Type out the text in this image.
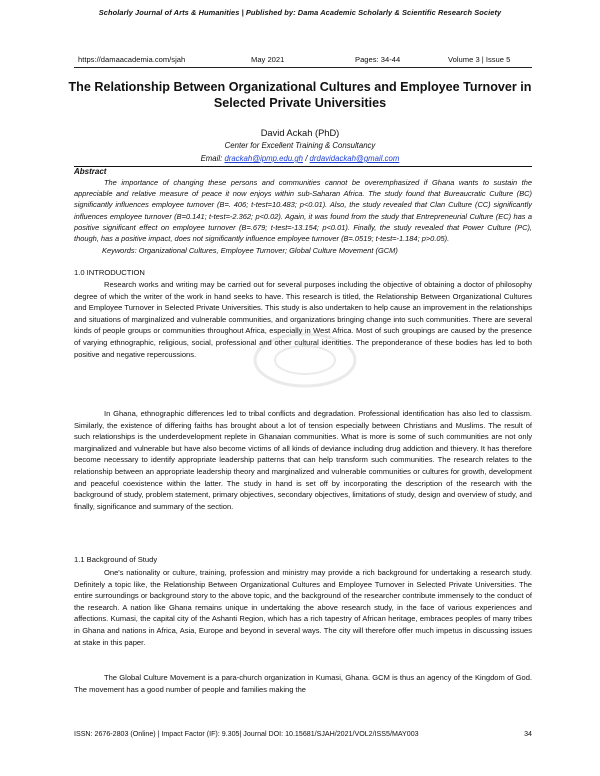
Scholarly Journal of Arts & Humanities | Published by: Dama Academic Scholarly & Scientific Research Society
https://damaacademia.com/sjah	May 2021	Pages: 34-44	Volume 3 | Issue 5
The Relationship Between Organizational Cultures and Employee Turnover in Selected Private Universities
David Ackah (PhD)
Center for Excellent Training & Consultancy
Email: drackah@ipmp.edu.gh / drdavidackah@gmail.com
Abstract

The importance of changing these persons and communities cannot be overemphasized if Ghana wants to sustain the appreciable and relative measure of peace it now enjoys within sub-Saharan Africa. The study found that Bureaucratic Culture (BC) significantly influences employee turnover (B=. 406; t-test=10.483; p<0.01). Also, the study revealed that Clan Culture (CC) significantly influences employee turnover (B=0.141; t-test=-2.362; p<0.02). Again, it was found from the study that Entrepreneurial Culture (EC) has a positive significant effect on employee turnover (B=.679; t-test=-13.154; p<0.01). Finally, the study revealed that Power Culture (PC), though, has a positive impact, does not significantly influence employee turnover (B=.0519; t-test=-1.184; p>0.05).

Keywords: Organizational Cultures, Employee Turnover; Global Culture Movement (GCM)

1.0 INTRODUCTION

Research works and writing may be carried out for several purposes including the objective of obtaining a doctor of philosophy degree of which the writer of the work in hand seeks to have. This research is titled, the Relationship Between Organizational Cultures and Employee Turnover in Selected Private Universities. This study is also undertaken to help cause an improvement in the relationships and situations of marginalized and vulnerable communities, and organizations bringing change into such communities. There are several kinds of people groups or communities throughout Africa, especially in West Africa. Most of such groupings are caused by the presence of varying ethnographic, religious, social, professional and other cultural identities. The preponderance of these bodies has led to both positive and negative repercussions.

In Ghana, ethnographic differences led to tribal conflicts and degradation. Professional identification has also led to classism. Similarly, the existence of differing faiths has brought about a lot of tension especially between Christians and Muslims. The result of such relationships is the underdevelopment replete in Ghanaian communities. What is more is some of such communities are not only marginalized and vulnerable but have also become victims of all kinds of deviance including drug addiction and thievery. It has therefore become necessary to identify appropriate leadership patterns that can help transform such communities. The research relates to the relationship between an appropriate leadership theory and marginalized and vulnerable communities or cultures for growth, development and peaceful coexistence within the latter. The study in hand is set off by incorporating the description of the research with the background of study, problem statement, primary objectives, secondary objectives, limitations of study, design and overview of study, and finally, significance and summary of the section.

1.1 Background of Study

One's nationality or culture, training, profession and ministry may provide a rich background for undertaking a research study. Definitely a topic like, the Relationship Between Organizational Cultures and Employee Turnover in Selected Private Universities. The entire surroundings or background story to the above topic, and the background of the researcher contribute immensely to the conduct of the research. A nation like Ghana remains unique in undertaking the above research study, in the face of various experiences and affections. Kumasi, the capital city of the Ashanti Region, which has a rich tapestry of African heritage, embraces peoples of many tribes in Ghana and nations in Africa, Asia, Europe and beyond in several ways. The city will therefore offer much impetus in discussing issues at stake in this paper.

The Global Culture Movement is a para-church organization in Kumasi, Ghana. GCM is thus an agency of the Kingdom of God. The movement has a good number of people and families making the

ISSN: 2676-2803 (Online) | Impact Factor (IF): 9.305| Journal DOI: 10.15681/SJAH/2021/VOL2/ISS5/MAY003	34
